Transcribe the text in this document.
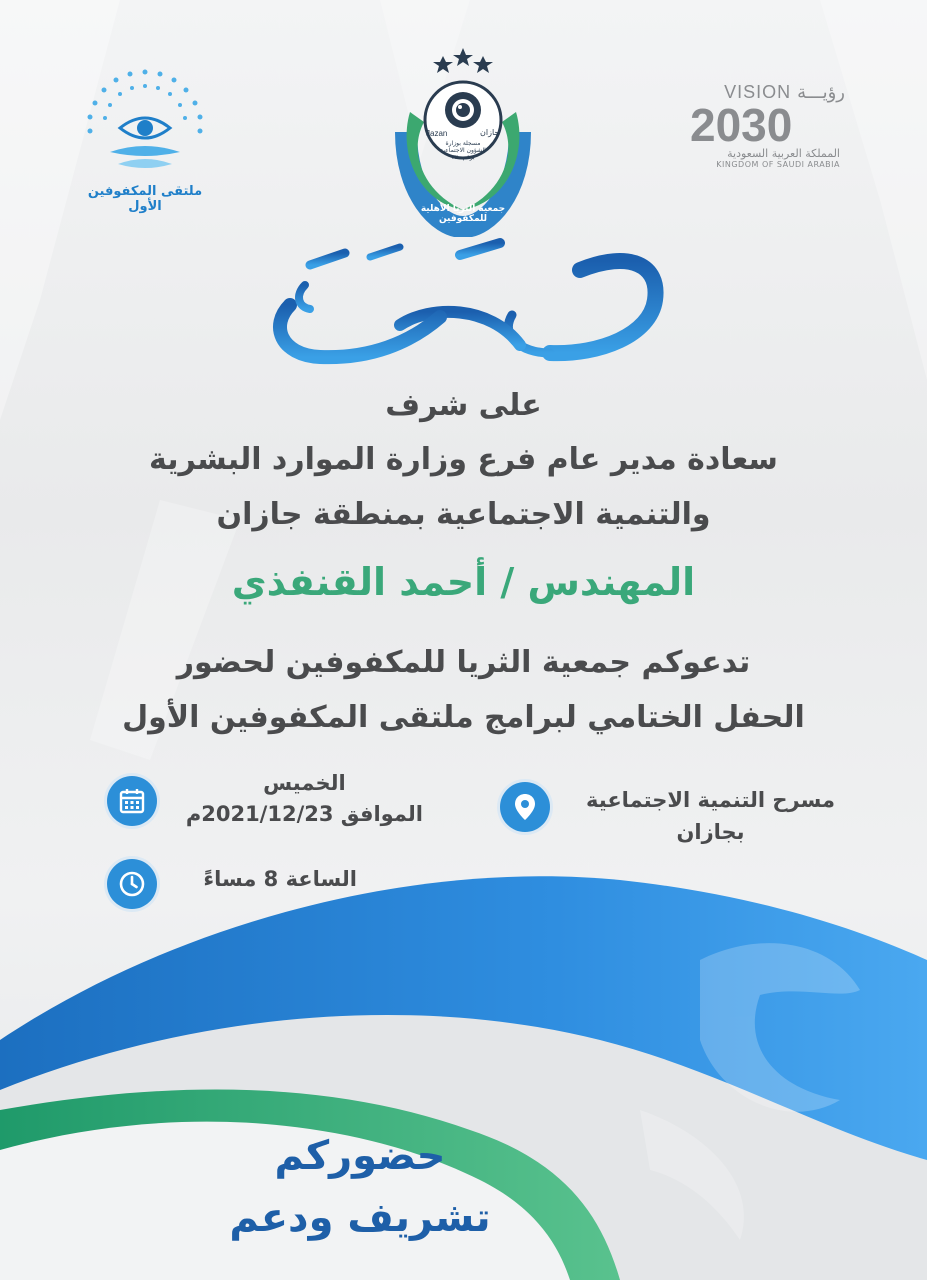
VISION رؤيـــة
2030
المملكة العربية السعودية
KINGDOM OF SAUDI ARABIA
ملتقى المكفوفين الأول
Jazan	جازان
مسجلة بوزارة
الشؤون الاجتماعية
برقم ٧٢٠
جمعية الثريا الأهلية للمكفوفين
على شرف
سعادة مدير عام فرع وزارة الموارد البشرية
والتنمية الاجتماعية بمنطقة جازان
المهندس / أحمد القنفذي
تدعوكم جمعية الثريا للمكفوفين لحضور
الحفل الختامي لبرامج ملتقى المكفوفين الأول
مسرح التنمية الاجتماعية
بجازان
الخميس
الموافق 2021/12/23م
الساعة 8 مساءً
حضوركم
تشريف ودعم
